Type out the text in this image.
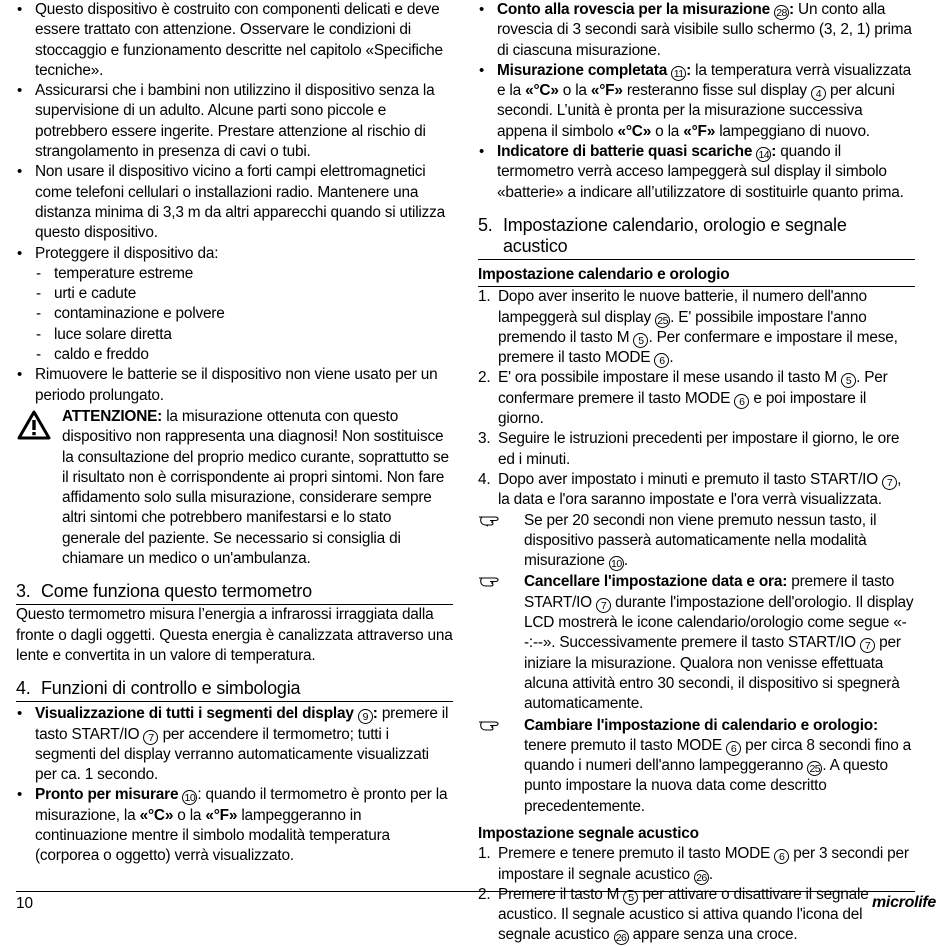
• Questo dispositivo è costruito con componenti delicati e deve essere trattato con attenzione. Osservare le condizioni di stoccaggio e funzionamento descritte nel capitolo «Specifiche tecniche».
• Assicurarsi che i bambini non utilizzino il dispositivo senza la supervisione di un adulto. Alcune parti sono piccole e potrebbero essere ingerite. Prestare attenzione al rischio di strangolamento in presenza di cavi o tubi.
• Non usare il dispositivo vicino a forti campi elettromagnetici come telefoni cellulari o installazioni radio. Mantenere una distanza minima di 3,3 m da altri apparecchi quando si utilizza questo dispositivo.
• Proteggere il dispositivo da:
- temperature estreme
- urti e cadute
- contaminazione e polvere
- luce solare diretta
- caldo e freddo
• Rimuovere le batterie se il dispositivo non viene usato per un periodo prolungato.
ATTENZIONE: la misurazione ottenuta con questo dispositivo non rappresenta una diagnosi! Non sostituisce la consultazione del proprio medico curante, soprattutto se il risultato non è corrispondente ai propri sintomi. Non fare affidamento solo sulla misurazione, considerare sempre altri sintomi che potrebbero manifestarsi e lo stato generale del paziente. Se necessario si consiglia di chiamare un medico o un'ambulanza.
3. Come funziona questo termometro

Questo termometro misura l’energia a infrarossi irraggiata dalla fronte o dagli oggetti. Questa energia è canalizzata attraverso una lente e convertita in un valore di temperatura.

4. Funzioni di controllo e simbologia
• Visualizzazione di tutti i segmenti del display 9 : premere il tasto START/IO 7 per accendere il termometro; tutti i segmenti del display verranno automaticamente visualizzati per ca. 1 secondo.
• Pronto per misurare 10 : quando il termometro è pronto per la misurazione, la «°C» o la «°F» lampeggeranno in continuazione mentre il simbolo modalità temperatura (corporea o oggetto) verrà visualizzato.
• Conto alla rovescia per la misurazione 28 : Un conto alla rovescia di 3 secondi sarà visibile sullo schermo (3, 2, 1) prima di ciascuna misurazione.
• Misurazione completata 11 : la temperatura verrà visualizzata e la «°C» o la «°F» resteranno fisse sul display 4 per alcuni secondi. L’unità è pronta per la misurazione successiva appena il simbolo «°C» o la «°F» lampeggiano di nuovo.
• Indicatore di batterie quasi scariche 14 : quando il termometro verrà acceso lampeggerà sul display il simbolo «batterie» a indicare all’utilizzatore di sostituirle quanto prima.
5. Impostazione calendario, orologio e segnale acustico
Impostazione calendario e orologio
1. Dopo aver inserito le nuove batterie, il numero dell'anno lampeggerà sul display 25 . E' possibile impostare l'anno premendo il tasto M 5 . Per confermare e impostare il mese, premere il tasto MODE 6 .
2. E' ora possibile impostare il mese usando il tasto M 5 . Per confermare premere il tasto MODE 6 e poi impostare il giorno.
3. Seguire le istruzioni precedenti per impostare il giorno, le ore ed i minuti.
4. Dopo aver impostato i minuti e premuto il tasto START/IO 7 , la data e l'ora saranno impostate e l'ora verrà visualizzata.
Se per 20 secondi non viene premuto nessun tasto, il dispositivo passerà automaticamente nella modalità misurazione 10 .
Cancellare l'impostazione data e ora: premere il tasto START/IO 7 durante l'impostazione dell'orologio. Il display LCD mostrerà le icone calendario/orologio come segue «--:--». Successivamente premere il tasto START/IO 7 per iniziare la misurazione. Qualora non venisse effettuata alcuna attività entro 30 secondi, il dispositivo si spegnerà automaticamente.
Cambiare l'impostazione di calendario e orologio: tenere premuto il tasto MODE 6 per circa 8 secondi fino a quando i numeri dell'anno lampeggeranno 25 . A questo punto impostare la nuova data come descritto precedentemente.
Impostazione segnale acustico
1. Premere e tenere premuto il tasto MODE 6 per 3 secondi per impostare il segnale acustico 26 .
2. Premere il tasto M 5 per attivare o disattivare il segnale acustico. Il segnale acustico si attiva quando l'icona del segnale acustico 26 appare senza una croce.
10	microlife
